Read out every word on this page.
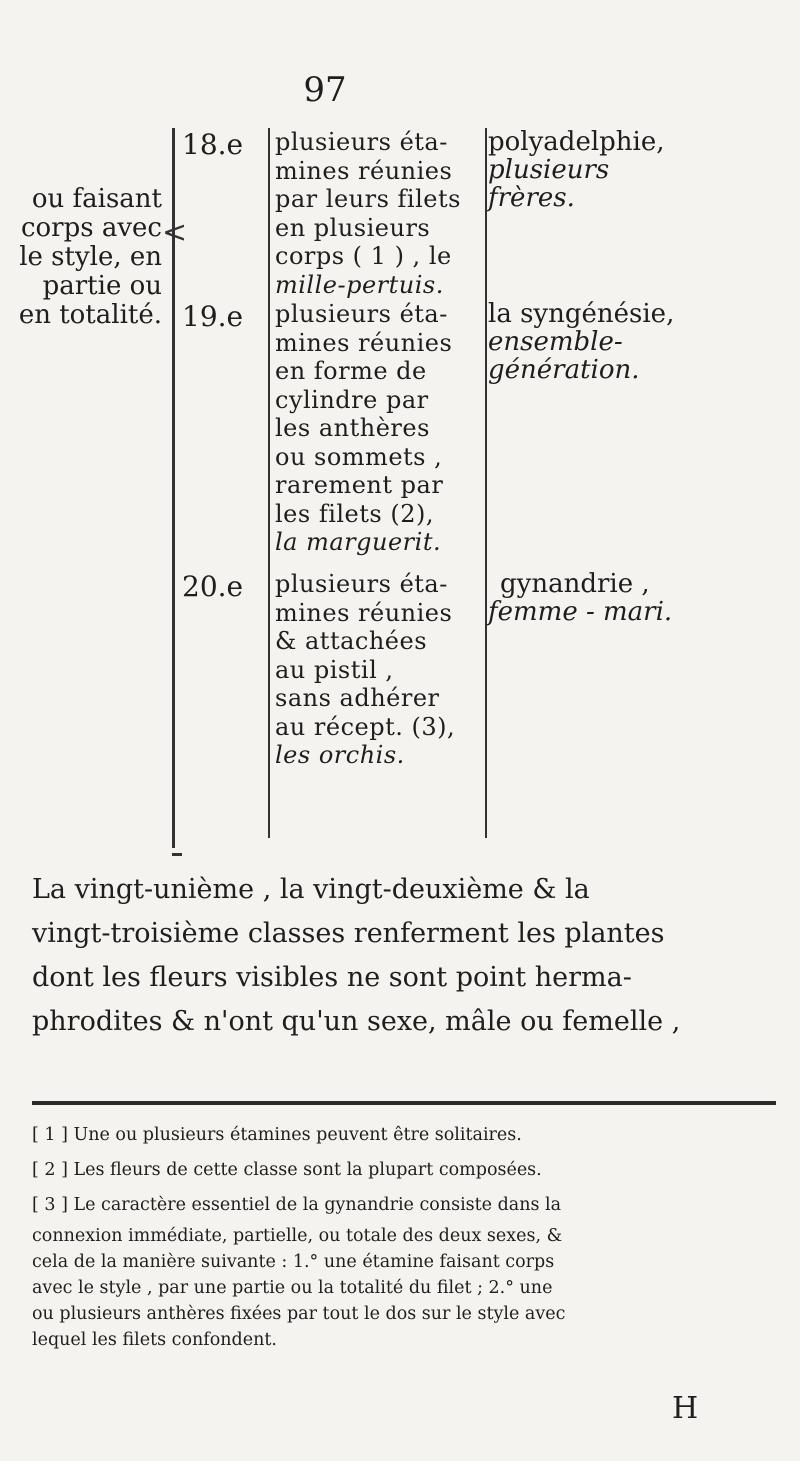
97
ou faisant
corps avec
le style, en
partie ou
en totalité.
<
18.e
19.e
20.e
plusieurs éta-
mines réunies
par leurs filets
en plusieurs
corps ( 1 ) , le
mille-pertuis.
plusieurs éta-
mines réunies
en forme de
cylindre par
les anthères
ou sommets ,
rarement par
les filets (2),
la marguerit.
plusieurs éta-
mines réunies
& attachées
au pistil ,
sans adhérer
au récept. (3),
les orchis.
polyadelphie,
plusieurs
frères.
la syngénésie,
ensemble-
génération.
gynandrie ,
femme - mari.
La vingt-unième , la vingt-deuxième & la
vingt-troisième classes renferment les plantes
dont les fleurs visibles ne sont point herma-
phrodites & n'ont qu'un sexe, mâle ou femelle ,
[ 1 ] Une ou plusieurs étamines peuvent être solitaires.
[ 2 ] Les fleurs de cette classe sont la plupart composées.
[ 3 ] Le caractère essentiel de la gynandrie consiste dans la
connexion immédiate, partielle, ou totale des deux sexes, &
cela de la manière suivante : 1.° une étamine faisant corps
avec le style , par une partie ou la totalité du filet ; 2.° une
ou plusieurs anthères fixées par tout le dos sur le style avec
lequel les filets confondent.
H
